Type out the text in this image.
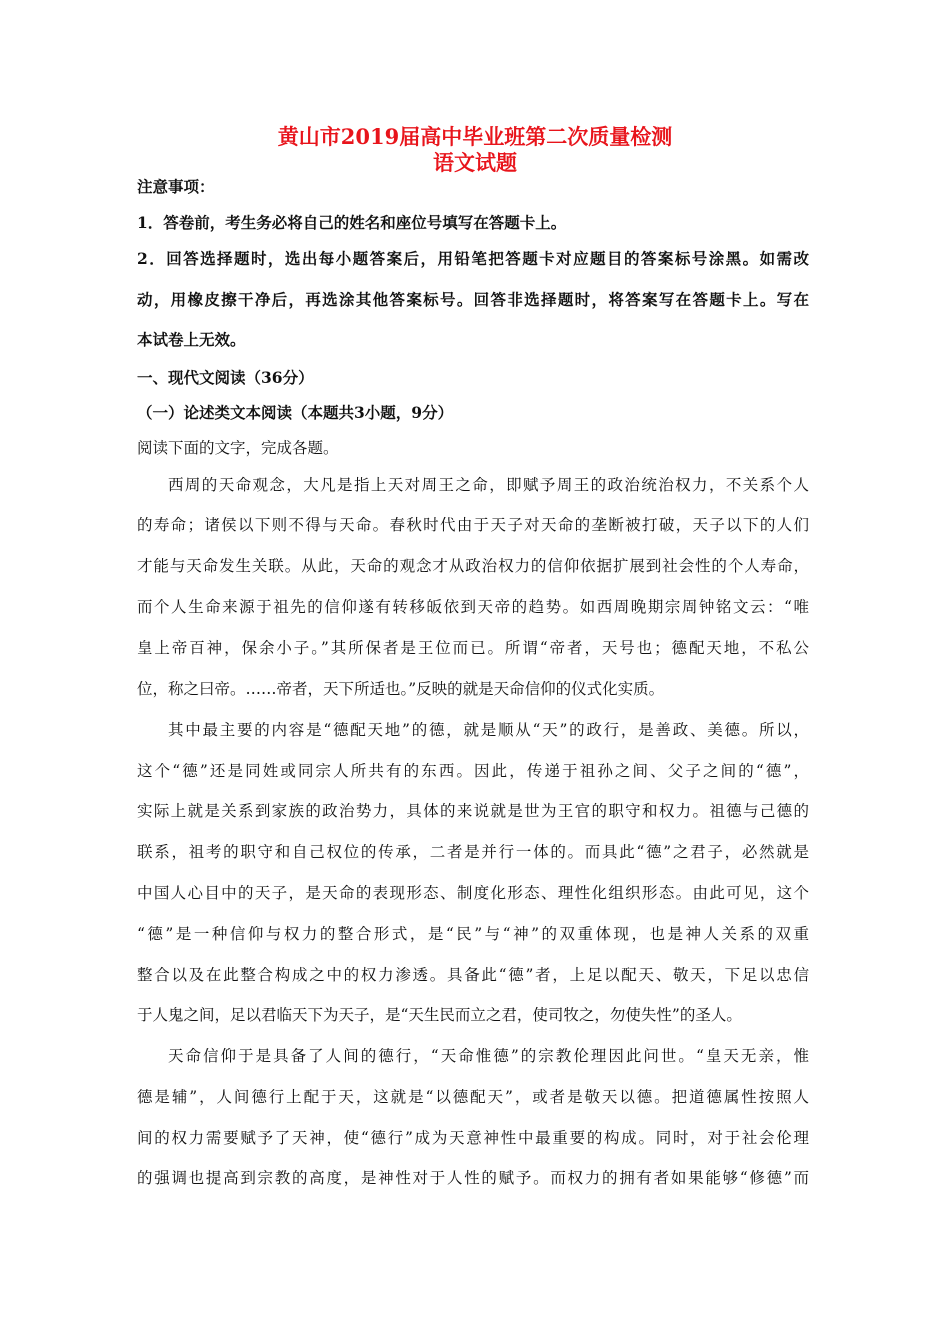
黄山市2019届高中毕业班第二次质量检测
语文试题
注意事项：
1．答卷前，考生务必将自己的姓名和座位号填写在答题卡上。
2．回答选择题时，选出每小题答案后，用铅笔把答题卡对应题目的答案标号涂黑。如需改
动，用橡皮擦干净后，再选涂其他答案标号。回答非选择题时，将答案写在答题卡上。写在
本试卷上无效。
一、现代文阅读（36分）
（一）论述类文本阅读（本题共3小题，9分）
阅读下面的文字，完成各题。
西周的天命观念，大凡是指上天对周王之命，即赋予周王的政治统治权力，不关系个人
的寿命；诸侯以下则不得与天命。春秋时代由于天子对天命的垄断被打破，天子以下的人们
才能与天命发生关联。从此，天命的观念才从政治权力的信仰依据扩展到社会性的个人寿命，
而个人生命来源于祖先的信仰遂有转移皈依到天帝的趋势。如西周晚期宗周钟铭文云：“唯
皇上帝百神，保余小子。”其所保者是王位而已。所谓“帝者，天号也；德配天地，不私公
位，称之曰帝。……帝者，天下所适也。”反映的就是天命信仰的仪式化实质。
其中最主要的内容是“德配天地”的德，就是顺从“天”的政行，是善政、美德。所以，
这个“德”还是同姓或同宗人所共有的东西。因此，传递于祖孙之间、父子之间的“德”，
实际上就是关系到家族的政治势力，具体的来说就是世为王官的职守和权力。祖德与己德的
联系，祖考的职守和自己权位的传承，二者是并行一体的。而具此“德”之君子，必然就是
中国人心目中的天子，是天命的表现形态、制度化形态、理性化组织形态。由此可见，这个
“德”是一种信仰与权力的整合形式，是“民”与“神”的双重体现，也是神人关系的双重
整合以及在此整合构成之中的权力渗透。具备此“德”者，上足以配天、敬天，下足以忠信
于人鬼之间，足以君临天下为天子，是“天生民而立之君，使司牧之，勿使失性”的圣人。
天命信仰于是具备了人间的德行，“天命惟德”的宗教伦理因此问世。“皇天无亲，惟
德是辅”，人间德行上配于天，这就是“以德配天”，或者是敬天以德。把道德属性按照人
间的权力需要赋予了天神，使“德行”成为天意神性中最重要的构成。同时，对于社会伦理
的强调也提高到宗教的高度，是神性对于人性的赋予。而权力的拥有者如果能够“修德”而
